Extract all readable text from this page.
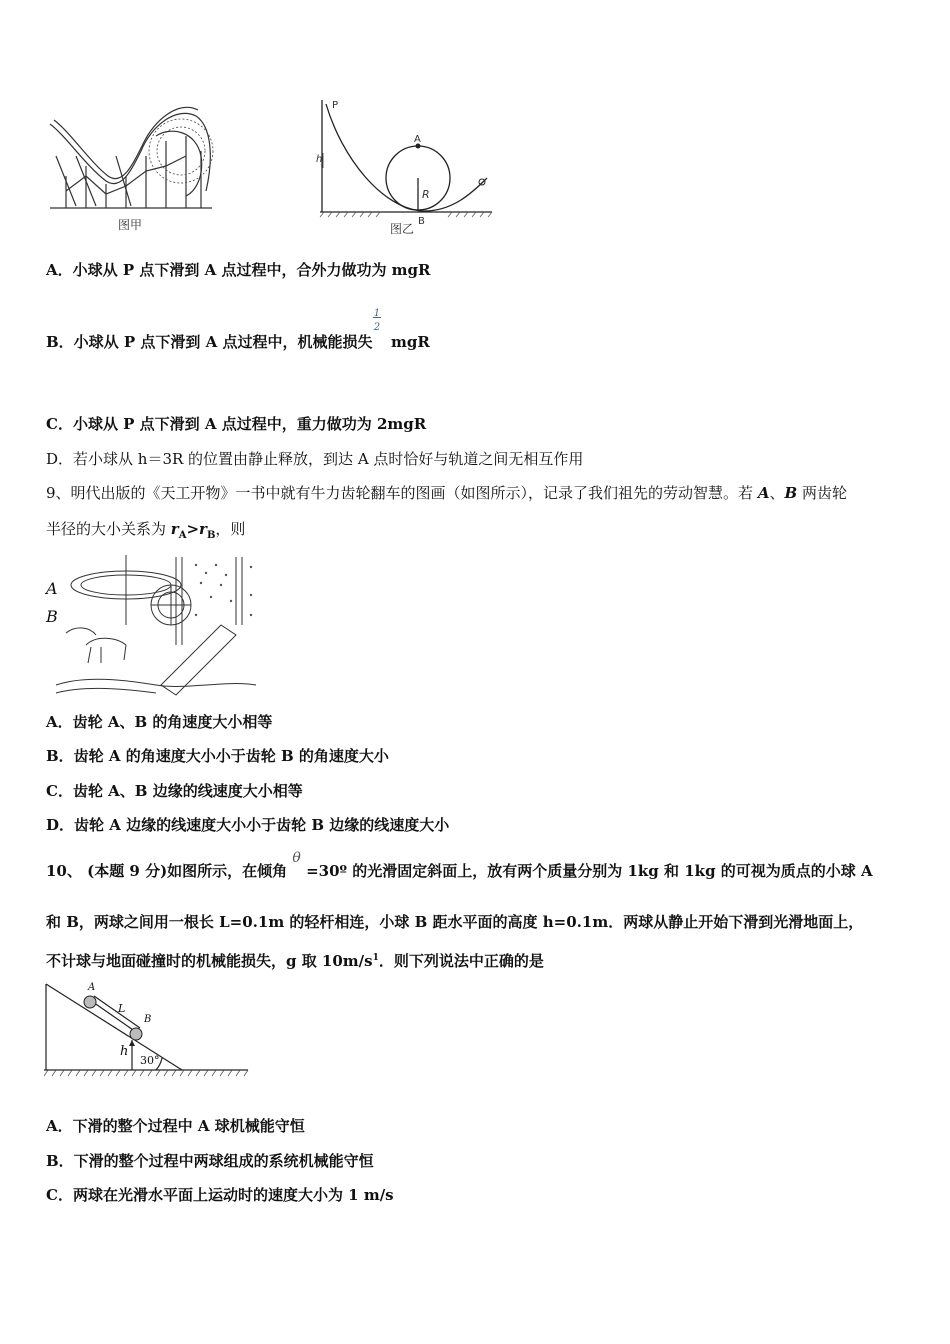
图甲
P
h
A
R
图乙
B
A．小球从 P 点下滑到 A 点过程中，合外力做功为 mgR
B．小球从 P 点下滑到 A 点过程中，机械能损失
1
2
mgR
C．小球从 P 点下滑到 A 点过程中，重力做功为 2mgR
D．若小球从 h＝3R 的位置由静止释放，到达 A 点时恰好与轨道之间无相互作用
9、明代出版的《天工开物》一书中就有牛力齿轮翻车的图画（如图所示），记录了我们祖先的劳动智慧。若 A、B 两齿轮
半径的大小关系为 $r_A>r_B$，则
A
B
A．齿轮 A、B 的角速度大小相等
B．齿轮 A 的角速度大小小于齿轮 B 的角速度大小
C．齿轮 A、B 边缘的线速度大小相等
D．齿轮 A 边缘的线速度大小小于齿轮 B 边缘的线速度大小
10、 (本题 9 分)如图所示，在倾角 θ =30º 的光滑固定斜面上，放有两个质量分别为 1kg 和 1kg 的可视为质点的小球 A
和 B，两球之间用一根长 L=0.1m 的轻杆相连，小球 B 距水平面的高度 h=0.1m．两球从静止开始下滑到光滑地面上，
不计球与地面碰撞时的机械能损失，g 取 $10m/s^1$．则下列说法中正确的是
A
L
B
h
30°
A．下滑的整个过程中 A 球机械能守恒
B．下滑的整个过程中两球组成的系统机械能守恒
C．两球在光滑水平面上运动时的速度大小为 1 m/s
